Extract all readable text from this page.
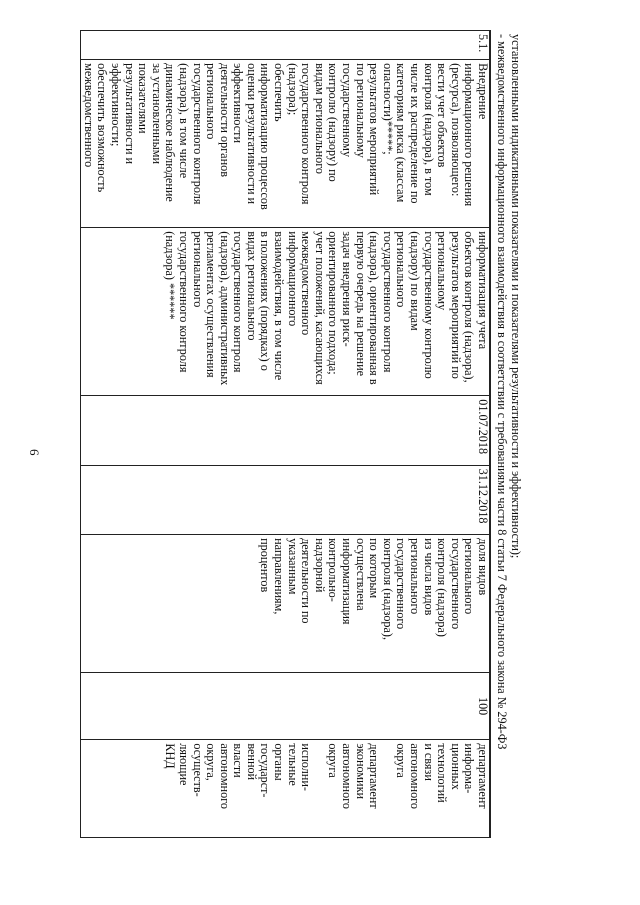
6	установленными индикативными показателями и показателями результативности и эффективности);
- межведомственного информационного взаимодействия в соответствии с требованиями части 8 статьи 7 Федерального закона № 294-ФЗ
5.1.	Внедрение
информационного решения
(ресурса), позволяющего:
вести учет объектов
контроля (надзора), в том
числе их распределение по
категориям риска (классам
опасности)*****;
результатов мероприятий
по региональному
государственному
контролю (надзору) по
видам регионального
государственного контроля
(надзора);
обеспечить
информатизацию процессов
оценки результативности и
эффективности
деятельности органов
регионального
государственного контроля
(надзора), в том числе
динамическое наблюдение
за установленными
показателями
результативности и
эффективности;
обеспечить возможность
межведомственного	информатизация учета
объектов контроля (надзора),
результатов мероприятий по
региональному
государственному контролю
(надзору) по видам
регионального
государственного контроля
(надзора), ориентированная в
первую очередь на решение
задач внедрения риск-
ориентированного подхода;
учет положений, касающихся
межведомственного
информационного
взаимодействия, в том числе
в положениях (порядках) о
видах регионального
государственного контроля
(надзора), административных
регламентах осуществления
регионального
государственного контроля
(надзора) ******	01.07.2018	31.12.2018	доля видов
регионального
государственного
контроля (надзора)
из числа видов
регионального
государственного
контроля (надзора),
по которым
осуществлена
информатизация
контрольно-
надзорной
деятельности по
указанным
направлениям,
процентов	100	департамент
информа-
ционных
технологий
и связи
автономного
округа

департамент
экономики
автономного
округа

исполни-
тельные
органы
государст-
венной
власти
автономного
округа,
осуществ-
ляющие
КНД
